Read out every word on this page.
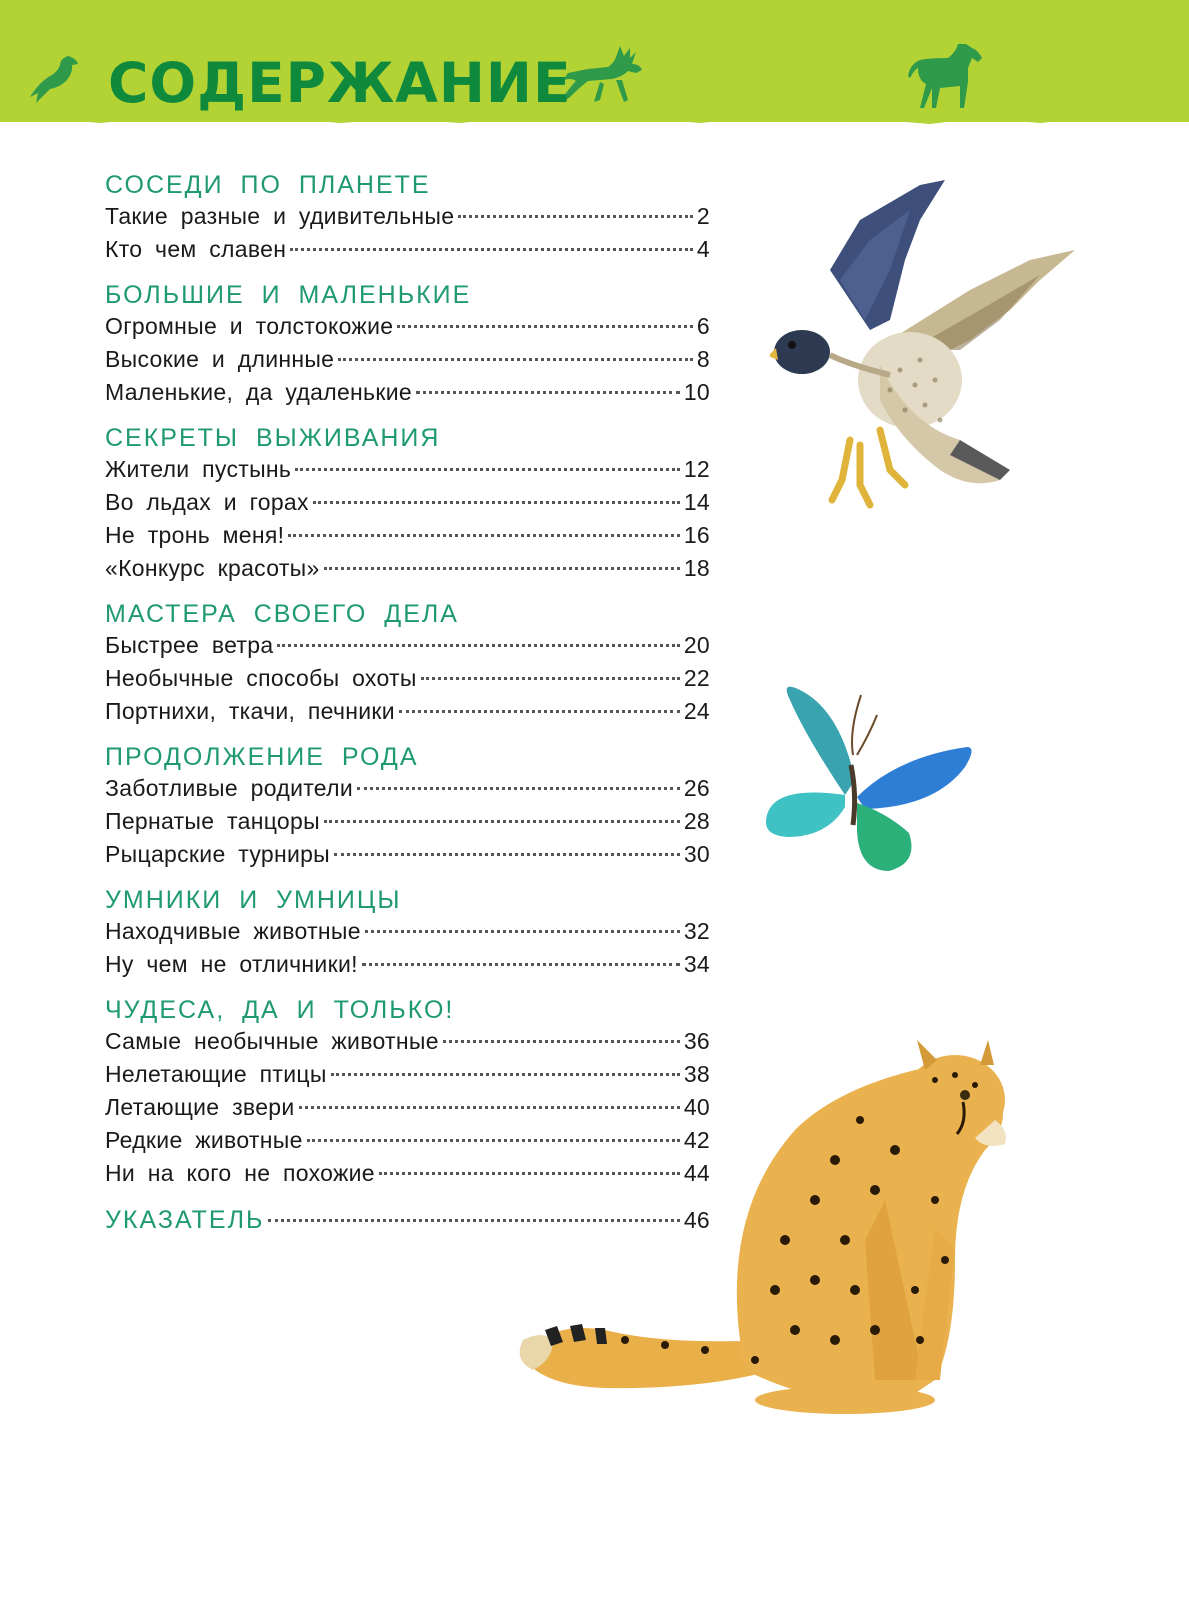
СОДЕРЖАНИЕ
СОСЕДИ ПО ПЛАНЕТЕ
Такие разные и удивительные	2
Кто чем славен	4
БОЛЬШИЕ И МАЛЕНЬКИЕ
Огромные и толстокожие	6
Высокие и длинные	8
Маленькие, да удаленькие	10
СЕКРЕТЫ ВЫЖИВАНИЯ
Жители пустынь	12
Во льдах и горах	14
Не тронь меня!	16
«Конкурс красоты»	18
МАСТЕРА СВОЕГО ДЕЛА
Быстрее ветра	20
Необычные способы охоты	22
Портнихи, ткачи, печники	24
ПРОДОЛЖЕНИЕ РОДА
Заботливые родители	26
Пернатые танцоры	28
Рыцарские турниры	30
УМНИКИ И УМНИЦЫ
Находчивые животные	32
Ну чем не отличники!	34
ЧУДЕСА, ДА И ТОЛЬКО!
Самые необычные животные	36
Нелетающие птицы	38
Летающие звери	40
Редкие животные	42
Ни на кого не похожие	44
УКАЗАТЕЛЬ	46
